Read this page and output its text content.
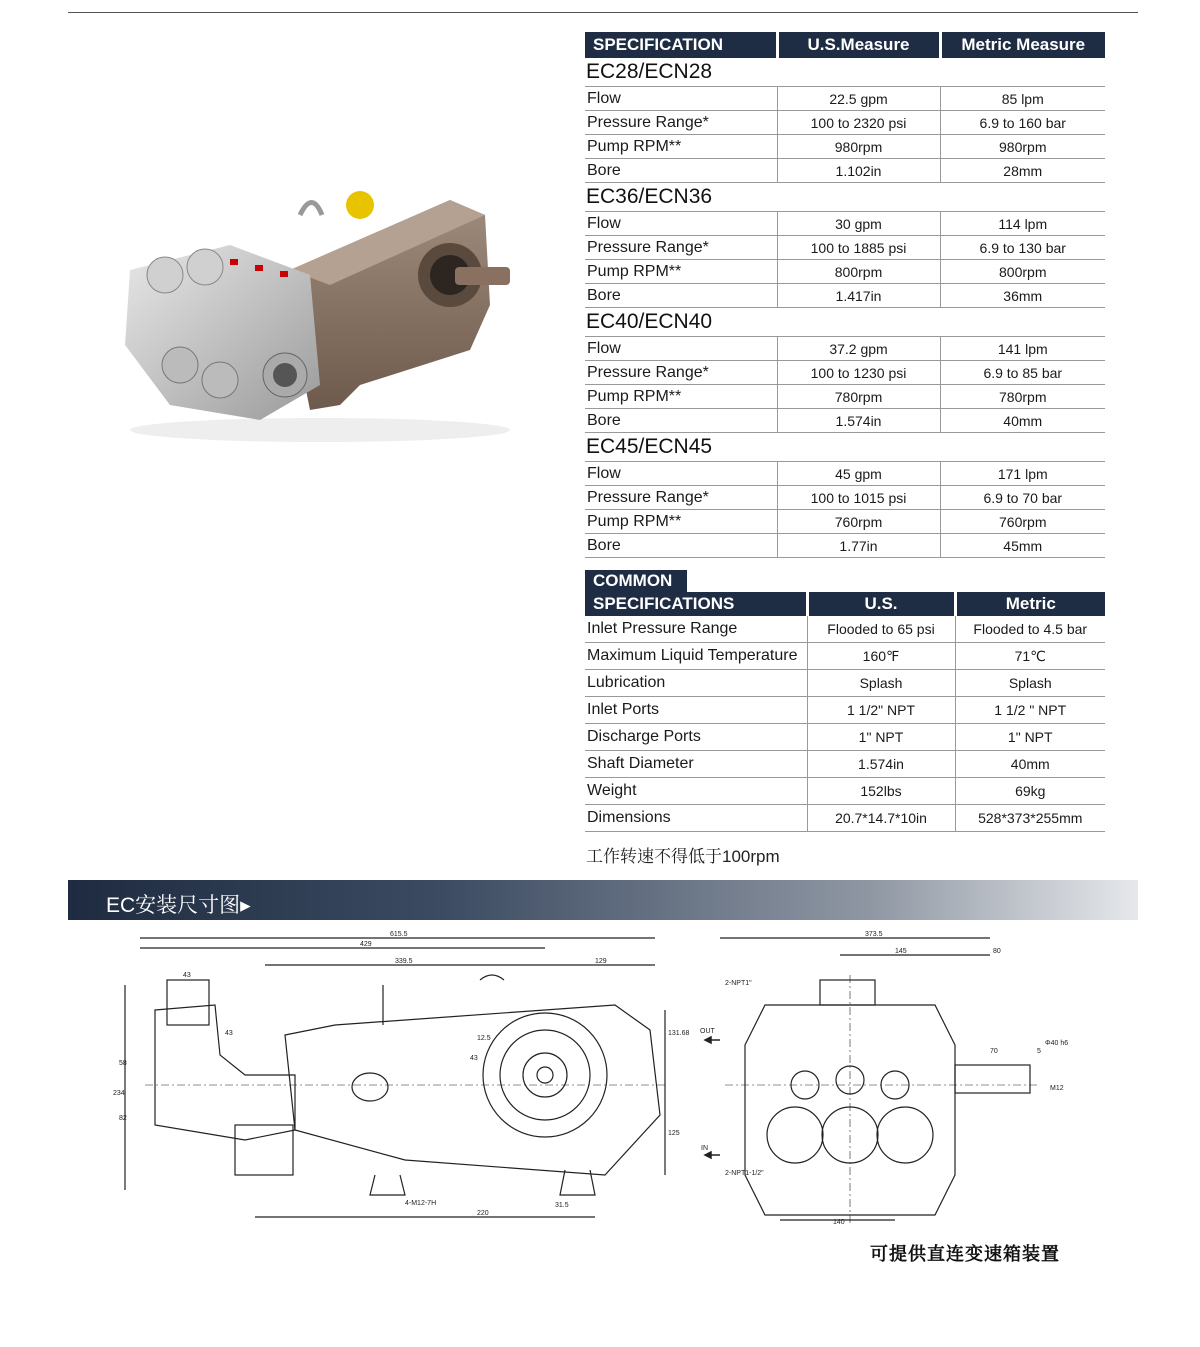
SPECIFICATION	U.S.Measure	Metric Measure
EC28/ECN28		
Flow	22.5 gpm	85 lpm
Pressure Range*	100 to 2320 psi	6.9 to 160 bar
Pump RPM**	980rpm	980rpm
Bore	1.102in	28mm
EC36/ECN36		
Flow	30 gpm	114 lpm
Pressure Range*	100 to 1885 psi	6.9 to 130 bar
Pump RPM**	800rpm	800rpm
Bore	1.417in	36mm
EC40/ECN40		
Flow	37.2 gpm	141 lpm
Pressure Range*	100 to 1230 psi	6.9 to 85 bar
Pump RPM**	780rpm	780rpm
Bore	1.574in	40mm
EC45/ECN45		
Flow	45 gpm	171 lpm
Pressure Range*	100 to 1015 psi	6.9 to 70 bar
Pump RPM**	760rpm	760rpm
Bore	1.77in	45mm
COMMON		

SPECIFICATIONS	U.S.	Metric
Inlet Pressure Range	Flooded to 65 psi	Flooded to 4.5 bar
Maximum Liquid Temperature	160℉	71℃
Lubrication	Splash	Splash
Inlet Ports	1 1/2" NPT	1 1/2 " NPT
Discharge Ports	1" NPT	1" NPT
Shaft Diameter	1.574in	40mm
Weight	152lbs	69kg
Dimensions	20.7*14.7*10in	528*373*255mm
工作转速不得低于100rpm
EC安装尺寸图▸
615.5
429
339.5	129
43
58
234
82
43	131.68
125
4-M12-7H	31.5
220
373.5
145	80
70	5
140
2-NPT1"
2-NPT1-1/2"
OUT
IN
M12
Φ40 h6
43
12.5
可提供直连变速箱装置
